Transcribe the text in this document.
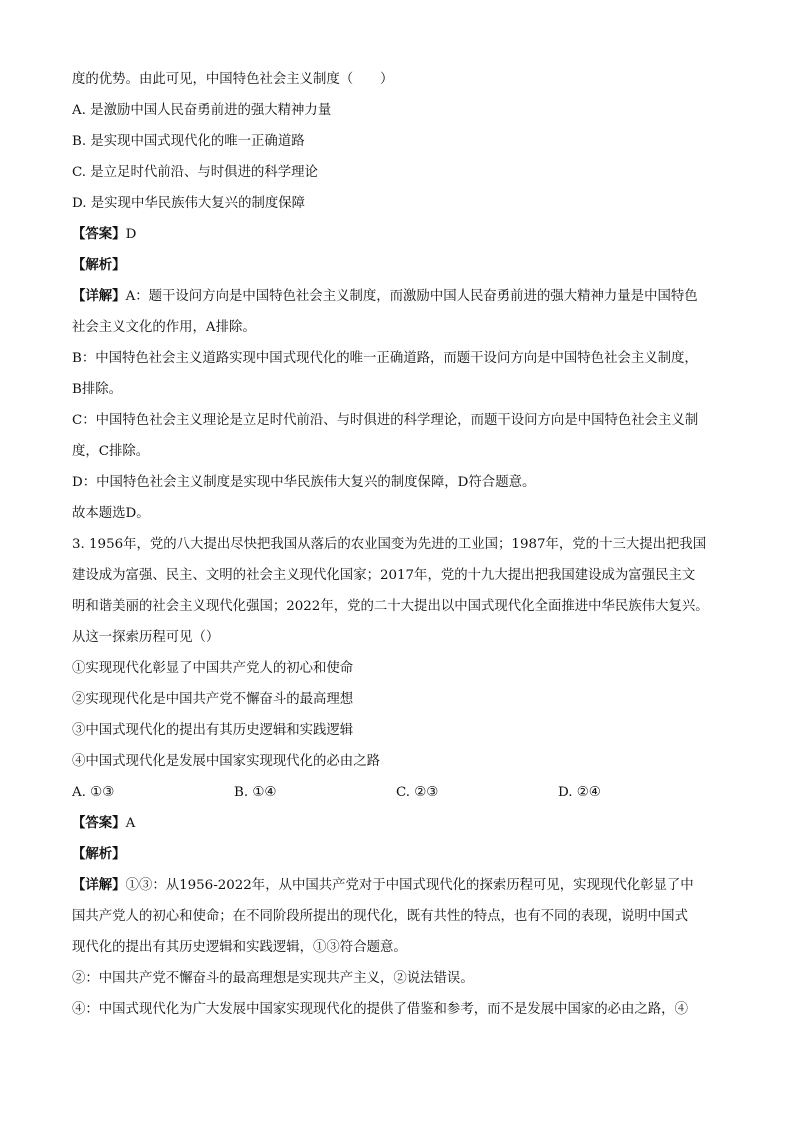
度的优势。由此可见，中国特色社会主义制度（　　）
A. 是激励中国人民奋勇前进的强大精神力量
B. 是实现中国式现代化的唯一正确道路
C. 是立足时代前沿、与时俱进的科学理论
D. 是实现中华民族伟大复兴的制度保障
【答案】D
【解析】
【详解】A：题干设问方向是中国特色社会主义制度，而激励中国人民奋勇前进的强大精神力量是中国特色
社会主义文化的作用，A排除。
B：中国特色社会主义道路实现中国式现代化的唯一正确道路，而题干设问方向是中国特色社会主义制度，
B排除。
C：中国特色社会主义理论是立足时代前沿、与时俱进的科学理论，而题干设问方向是中国特色社会主义制
度，C排除。
D：中国特色社会主义制度是实现中华民族伟大复兴的制度保障，D符合题意。
故本题选D。
3. 1956年，党的八大提出尽快把我国从落后的农业国变为先进的工业国；1987年，党的十三大提出把我国
建设成为富强、民主、文明的社会主义现代化国家；2017年，党的十九大提出把我国建设成为富强民主文
明和谐美丽的社会主义现代化强国；2022年，党的二十大提出以中国式现代化全面推进中华民族伟大复兴。
从这一探索历程可见（）
①实现现代化彰显了中国共产党人的初心和使命
②实现现代化是中国共产党不懈奋斗的最高理想
③中国式现代化的提出有其历史逻辑和实践逻辑
④中国式现代化是发展中国家实现现代化的必由之路
A. ①③	B. ①④	C. ②③	D. ②④
【答案】A
【解析】
【详解】①③：从1956-2022年，从中国共产党对于中国式现代化的探索历程可见，实现现代化彰显了中
国共产党人的初心和使命；在不同阶段所提出的现代化，既有共性的特点，也有不同的表现，说明中国式
现代化的提出有其历史逻辑和实践逻辑，①③符合题意。
②：中国共产党不懈奋斗的最高理想是实现共产主义，②说法错误。
④：中国式现代化为广大发展中国家实现现代化的提供了借鉴和参考，而不是发展中国家的必由之路，④
